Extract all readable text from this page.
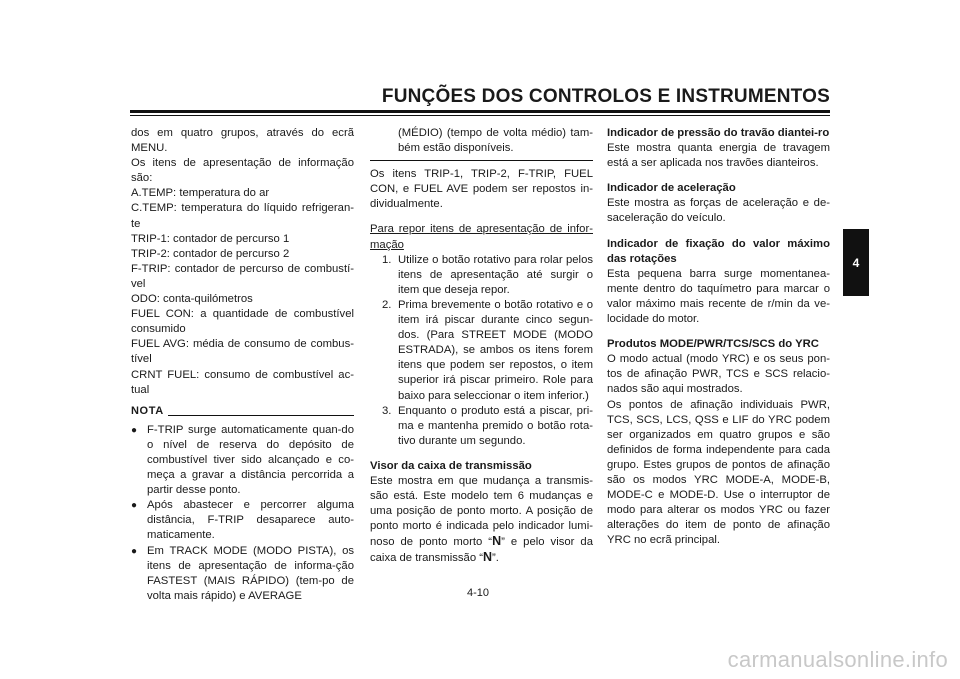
FUNÇÕES DOS CONTROLOS E INSTRUMENTOS
4

dos em quatro grupos, através do ecrã

MENU.

Os itens de apresentação de informação são:

A.TEMP: temperatura do ar

C.TEMP: temperatura do líquido refrigeran-te

TRIP-1: contador de percurso 1

TRIP-2: contador de percurso 2

F-TRIP: contador de percurso de combustí-vel

ODO: conta-quilómetros

FUEL CON: a quantidade de combustível consumido

FUEL AVG: média de consumo de combus-tível

CRNT FUEL: consumo de combustível ac-tual

NOTA
● F-TRIP surge automaticamente quan-do o nível de reserva do depósito de combustível tiver sido alcançado e co-meça a gravar a distância percorrida a partir desse ponto.
● Após abastecer e percorrer alguma distância, F-TRIP desaparece auto-maticamente.
● Em TRACK MODE (MODO PISTA), os itens de apresentação de informa-ção FASTEST (MAIS RÁPIDO) (tem-po de volta mais rápido) e AVERAGE

(MÉDIO) (tempo de volta médio) tam-bém estão disponíveis.

Os itens TRIP-1, TRIP-2, F-TRIP, FUEL CON, e FUEL AVE podem ser repostos in-dividualmente.

Para repor itens de apresentação de infor-mação

1. Utilize o botão rotativo para rolar pelos itens de apresentação até surgir o item que deseja repor.
2. Prima brevemente o botão rotativo e o item irá piscar durante cinco segun-dos. (Para STREET MODE (MODO ESTRADA), se ambos os itens forem itens que podem ser repostos, o item superior irá piscar primeiro. Role para baixo para seleccionar o item inferior.)
3. Enquanto o produto está a piscar, pri-ma e mantenha premido o botão rota-tivo durante um segundo.

Visor da caixa de transmissão

Este mostra em que mudança a transmis-são está. Este modelo tem 6 mudanças e uma posição de ponto morto. A posição de ponto morto é indicada pelo indicador lumi-noso de ponto morto “N” e pelo visor da caixa de transmissão “N”.

Indicador de pressão do travão diantei-ro

Este mostra quanta energia de travagem está a ser aplicada nos travões dianteiros.

Indicador de aceleração

Este mostra as forças de aceleração e de-saceleração do veículo.

Indicador de fixação do valor máximo das rotações

Esta pequena barra surge momentanea-mente dentro do taquímetro para marcar o valor máximo mais recente de r/min da ve-locidade do motor.

Produtos MODE/PWR/TCS/SCS do YRC

O modo actual (modo YRC) e os seus pon-tos de afinação PWR, TCS e SCS relacio-nados são aqui mostrados.
Os pontos de afinação individuais PWR, TCS, SCS, LCS, QSS e LIF do YRC podem ser organizados em quatro grupos e são definidos de forma independente para cada grupo. Estes grupos de pontos de afinação são os modos YRC MODE-A, MODE-B, MODE-C e MODE-D. Use o interruptor de modo para alterar os modos YRC ou fazer alterações do item de ponto de afinação YRC no ecrã principal.

4-10
carmanualsonline.info
